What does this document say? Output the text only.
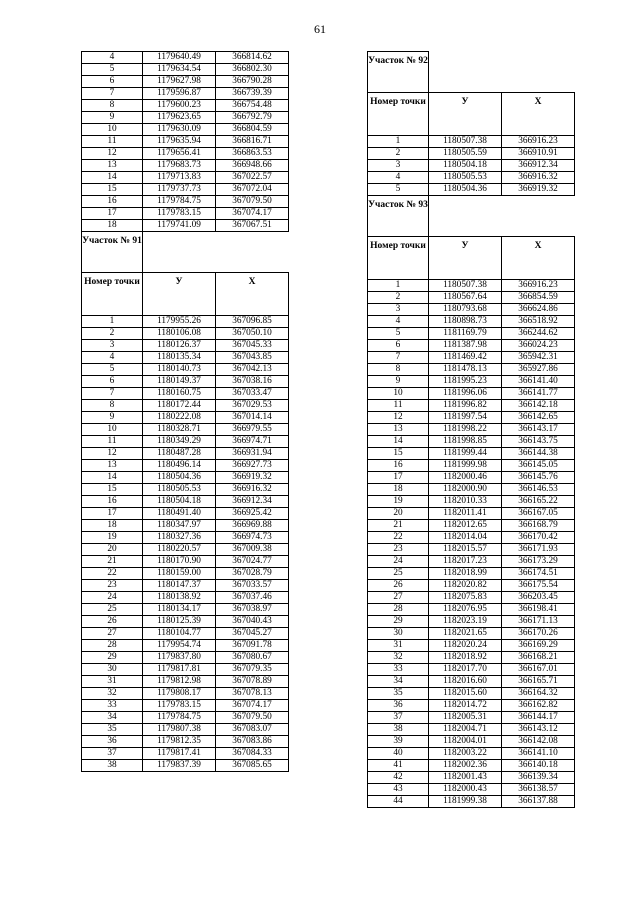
61
4	1179640.49	366814.62
5	1179634.54	366802.30
6	1179627.98	366790.28
7	1179596.87	366739.39
8	1179600.23	366754.48
9	1179623.65	366792.79
10	1179630.09	366804.59
11	1179635.94	366816.71
12	1179656.41	366863.53
13	1179683.73	366948.66
14	1179713.83	367022.57
15	1179737.73	367072.04
16	1179784.75	367079.50
17	1179783.15	367074.17
18	1179741.09	367067.51
Участок № 91		
Номер точки	У	Х
1	1179955.26	367096.85
2	1180106.08	367050.10
3	1180126.37	367045.33
4	1180135.34	367043.85
5	1180140.73	367042.13
6	1180149.37	367038.16
7	1180160.75	367033.47
8	1180172.44	367029.53
9	1180222.08	367014.14
10	1180328.71	366979.55
11	1180349.29	366974.71
12	1180487.28	366931.94
13	1180496.14	366927.73
14	1180504.36	366919.32
15	1180505.53	366916.32
16	1180504.18	366912.34
17	1180491.40	366925.42
18	1180347.97	366969.88
19	1180327.36	366974.73
20	1180220.57	367009.38
21	1180170.90	367024.77
22	1180159.00	367028.79
23	1180147.37	367033.57
24	1180138.92	367037.46
25	1180134.17	367038.97
26	1180125.39	367040.43
27	1180104.77	367045.27
28	1179954.74	367091.78
29	1179837.80	367080.67
30	1179817.81	367079.35
31	1179812.98	367078.89
32	1179808.17	367078.13
33	1179783.15	367074.17
34	1179784.75	367079.50
35	1179807.38	367083.07
36	1179812.35	367083.86
37	1179817.41	367084.33
38	1179837.39	367085.65
Участок № 92		
Номер точки	У	Х
1	1180507.38	366916.23
2	1180505.59	366910.91
3	1180504.18	366912.34
4	1180505.53	366916.32
5	1180504.36	366919.32
Участок № 93		
Номер точки	У	Х
1	1180507.38	366916.23
2	1180567.64	366854.59
3	1180793.68	366624.86
4	1180898.73	366518.92
5	1181169.79	366244.62
6	1181387.98	366024.23
7	1181469.42	365942.31
8	1181478.13	365927.86
9	1181995.23	366141.40
10	1181996.06	366141.77
11	1181996.82	366142.18
12	1181997.54	366142.65
13	1181998.22	366143.17
14	1181998.85	366143.75
15	1181999.44	366144.38
16	1181999.98	366145.05
17	1182000.46	366145.76
18	1182000.90	366146.53
19	1182010.33	366165.22
20	1182011.41	366167.05
21	1182012.65	366168.79
22	1182014.04	366170.42
23	1182015.57	366171.93
24	1182017.23	366173.29
25	1182018.99	366174.51
26	1182020.82	366175.54
27	1182075.83	366203.45
28	1182076.95	366198.41
29	1182023.19	366171.13
30	1182021.65	366170.26
31	1182020.24	366169.29
32	1182018.92	366168.21
33	1182017.70	366167.01
34	1182016.60	366165.71
35	1182015.60	366164.32
36	1182014.72	366162.82
37	1182005.31	366144.17
38	1182004.71	366143.12
39	1182004.01	366142.08
40	1182003.22	366141.10
41	1182002.36	366140.18
42	1182001.43	366139.34
43	1182000.43	366138.57
44	1181999.38	366137.88
